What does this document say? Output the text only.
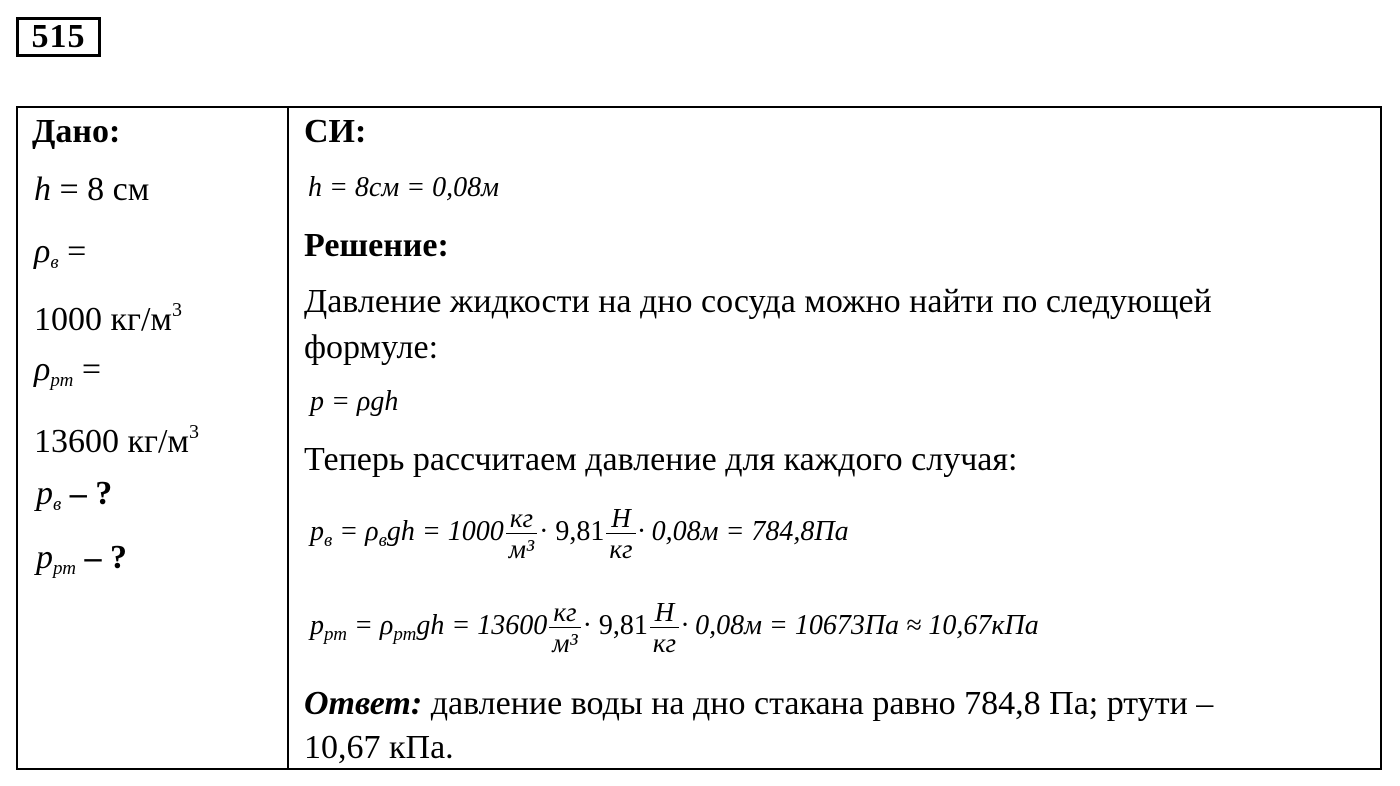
515
Дано:
h = 8 см
$\rho_в$ =
1000 $кг/м^3$
$\rho_{рт}$ =
13600 $кг/м^3$
$p_в$ – ?
$p_{рт}$ – ?
СИ:
h = 8см = 0,08м
Решение:
Давление жидкости на дно сосуда можно найти по следующей
формуле:
p = ρgh
Теперь рассчитаем давление для каждого случая:
$p_в = \rho_вgh = 1000 \frac{кг}{\text{м³}} \cdot 9,81 \frac{Н}{кг} \cdot 0,08м = 784,8Па$
$p_{рт} = \rho_{рт}gh = 13600 \frac{кг}{\text{м³}} \cdot 9,81 \frac{Н}{кг} \cdot 0,08м = 10673Па \approx 10,67кПа$
Ответ: давление воды на дно стакана равно 784,8 Па; ртути –
10,67 кПа.
